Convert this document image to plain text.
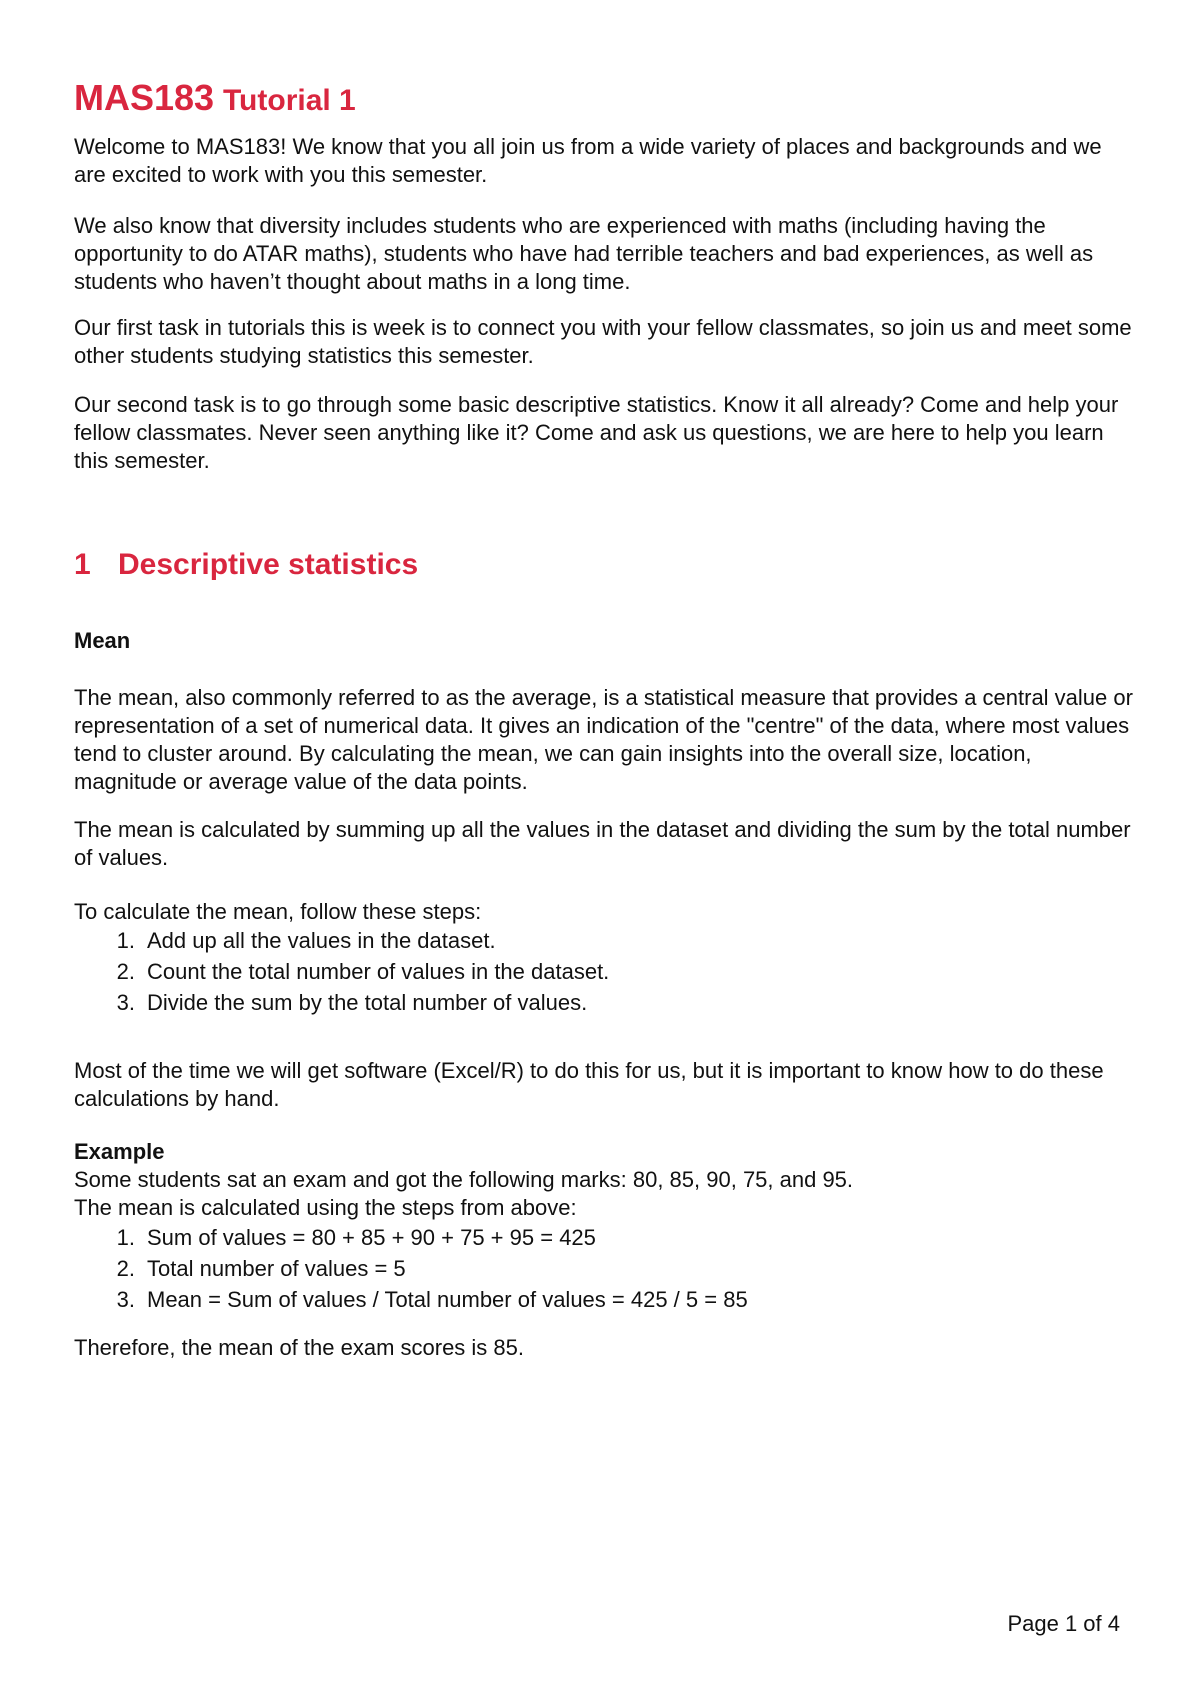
MAS183 Tutorial 1

Welcome to MAS183! We know that you all join us from a wide variety of places and backgrounds and we are excited to work with you this semester.

We also know that diversity includes students who are experienced with maths (including having the opportunity to do ATAR maths), students who have had terrible teachers and bad experiences, as well as students who haven’t thought about maths in a long time.

Our first task in tutorials this is week is to connect you with your fellow classmates, so join us and meet some other students studying statistics this semester.

Our second task is to go through some basic descriptive statistics. Know it all already? Come and help your fellow classmates. Never seen anything like it? Come and ask us questions, we are here to help you learn this semester.

1 Descriptive statistics
Mean

The mean, also commonly referred to as the average, is a statistical measure that provides a central value or representation of a set of numerical data. It gives an indication of the "centre" of the data, where most values tend to cluster around. By calculating the mean, we can gain insights into the overall size, location, magnitude or average value of the data points.

The mean is calculated by summing up all the values in the dataset and dividing the sum by the total number of values.

To calculate the mean, follow these steps:

1. Add up all the values in the dataset.
2. Count the total number of values in the dataset.
3. Divide the sum by the total number of values.

Most of the time we will get software (Excel/R) to do this for us, but it is important to know how to do these calculations by hand.

Example

Some students sat an exam and got the following marks: 80, 85, 90, 75, and 95.

The mean is calculated using the steps from above:

1. Sum of values = 80 + 85 + 90 + 75 + 95 = 425
2. Total number of values = 5
3. Mean = Sum of values / Total number of values = 425 / 5 = 85

Therefore, the mean of the exam scores is 85.

Page 1 of 4
